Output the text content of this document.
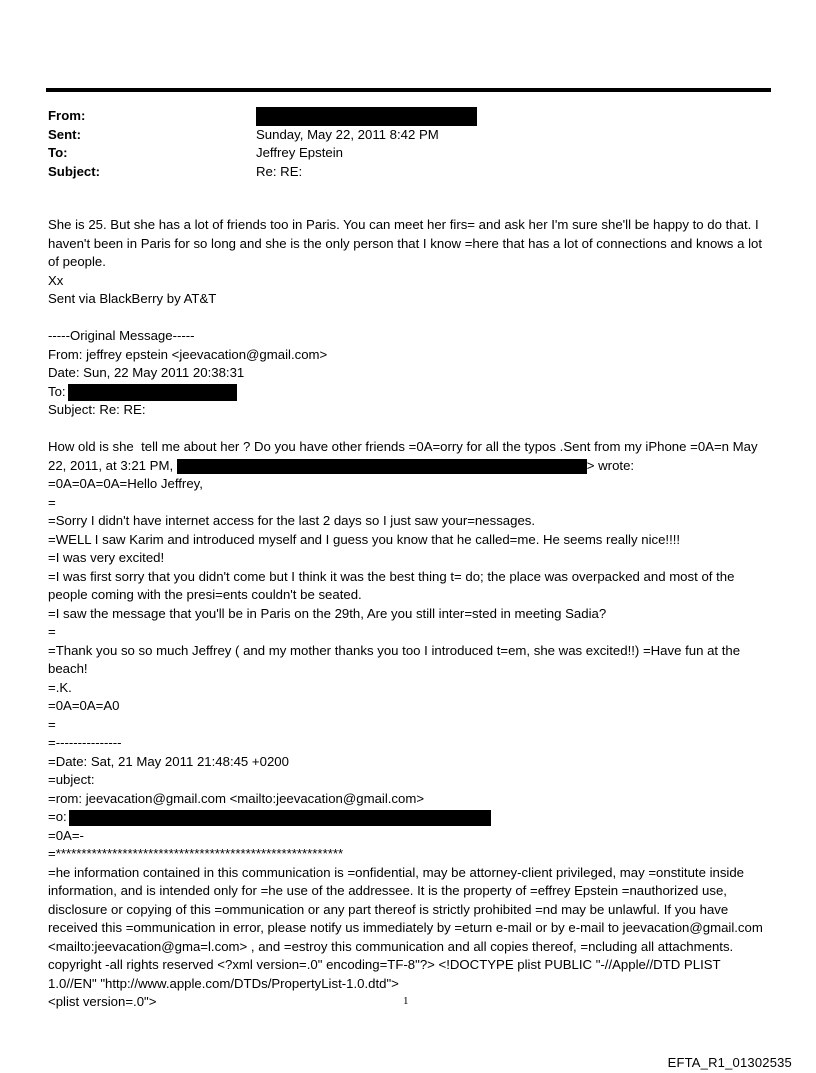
From:
Sent:	Sunday, May 22, 2011 8:42 PM
To:	Jeffrey Epstein
Subject:	Re: RE:

She is 25. But she has a lot of friends too in Paris. You can meet her firs= and ask her I'm sure she'll be happy to do that. I haven't been in Paris for so long and she is the only person that I know =here that has a lot of connections and knows a lot of people.

Xx

Sent via BlackBerry by AT&T

-----Original Message-----

From: jeffrey epstein <jeevacation@gmail.com>

Date: Sun, 22 May 2011 20:38:31

To:

Subject: Re: RE:

How old is she  tell me about her ? Do you have other friends =0A=orry for all the typos .Sent from my iPhone =0A=n May 22, 2011, at 3:21 PM,	> wrote:

=0A=0A=0A=Hello Jeffrey,

=

=Sorry I didn't have internet access for the last 2 days so I just saw your=nessages.

=WELL I saw Karim and introduced myself and I guess you know that he called=me. He seems really nice!!!!

=I was very excited!

=I was first sorry that you didn't come but I think it was the best thing t= do; the place was overpacked and most of the people coming with the presi=ents couldn't be seated.

=I saw the message that you'll be in Paris on the 29th, Are you still inter=sted in meeting Sadia?

=

=Thank you so so much Jeffrey ( and my mother thanks you too I introduced t=em, she was excited!!) =Have fun at the beach!

=.K.

=0A=0A=A0

=

=---------------

=Date: Sat, 21 May 2011 21:48:45 +0200

=ubject:

=rom: jeevacation@gmail.com <mailto:jeevacation@gmail.com>

=o:

=0A=-

=********************************************************

=he information contained in this communication is =onfidential, may be attorney-client privileged, may =onstitute inside information, and is intended only for =he use of the addressee. It is the property of =effrey Epstein =nauthorized use, disclosure or copying of this =ommunication or any part thereof is strictly prohibited =nd may be unlawful. If you have received this =ommunication in error, please notify us immediately by =eturn e-mail or by e-mail to jeevacation@gmail.com <mailto:jeevacation@gma=l.com> , and =estroy this communication and all copies thereof, =ncluding all attachments. copyright -all rights reserved <?xml version=.0" encoding=TF-8"?> <!DOCTYPE plist PUBLIC "-//Apple//DTD PLIST 1.0//EN" "http://www.apple.com/DTDs/PropertyList-1.0.dtd">

<plist version=.0">	1
EFTA_R1_01302535
